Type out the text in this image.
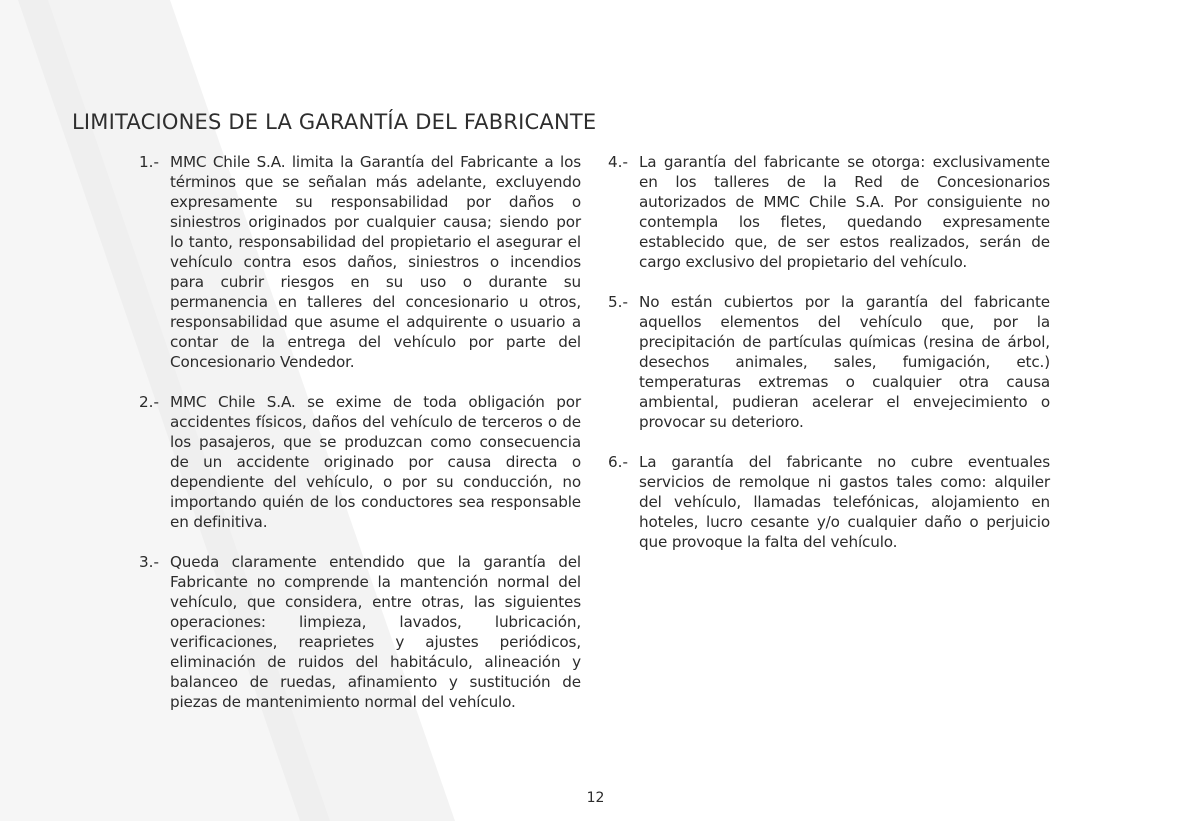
LIMITACIONES DE LA GARANTÍA DEL FABRICANTE
1.- MMC Chile S.A. limita la Garantía del Fabricante a los términos que se señalan más adelante, excluyendo expresamente su responsabilidad por daños o siniestros originados por cualquier causa; siendo por lo tanto, responsabilidad del propietario el asegurar el vehículo contra esos daños, siniestros o incendios para cubrir riesgos en su uso o durante su permanencia en talleres del concesionario u otros, responsabilidad que asume el adquirente o usuario a contar de la entrega del vehículo por parte del Concesionario Vendedor.
2.- MMC Chile S.A. se exime de toda obligación por accidentes físicos, daños del vehículo de terceros o de los pasajeros, que se produzcan como consecuencia de un accidente originado por causa directa o dependiente del vehículo, o por su conducción, no importando quién de los conductores sea responsable en definitiva.
3.- Queda claramente entendido que la garantía del Fabricante no comprende la mantención normal del vehículo, que considera, entre otras, las siguientes operaciones: limpieza, lavados, lubricación, verificaciones, reaprietes y ajustes periódicos, eliminación de ruidos del habitáculo, alineación y balanceo de ruedas, afinamiento y sustitución de piezas de mantenimiento normal del vehículo.
4.- La garantía del fabricante se otorga: exclusivamente en los talleres de la Red de Concesionarios autorizados de MMC Chile S.A. Por consiguiente no contempla los fletes, quedando expresamente establecido que, de ser estos realizados, serán de cargo exclusivo del propietario del vehículo.
5.- No están cubiertos por la garantía del fabricante aquellos elementos del vehículo que, por la precipitación de partículas químicas (resina de árbol, desechos animales, sales, fumigación, etc.) temperaturas extremas o cualquier otra causa ambiental, pudieran acelerar el envejecimiento o provocar su deterioro.
6.- La garantía del fabricante no cubre eventuales servicios de remolque ni gastos tales como: alquiler del vehículo, llamadas telefónicas, alojamiento en hoteles, lucro cesante y/o cualquier daño o perjuicio que provoque la falta del vehículo.
12
